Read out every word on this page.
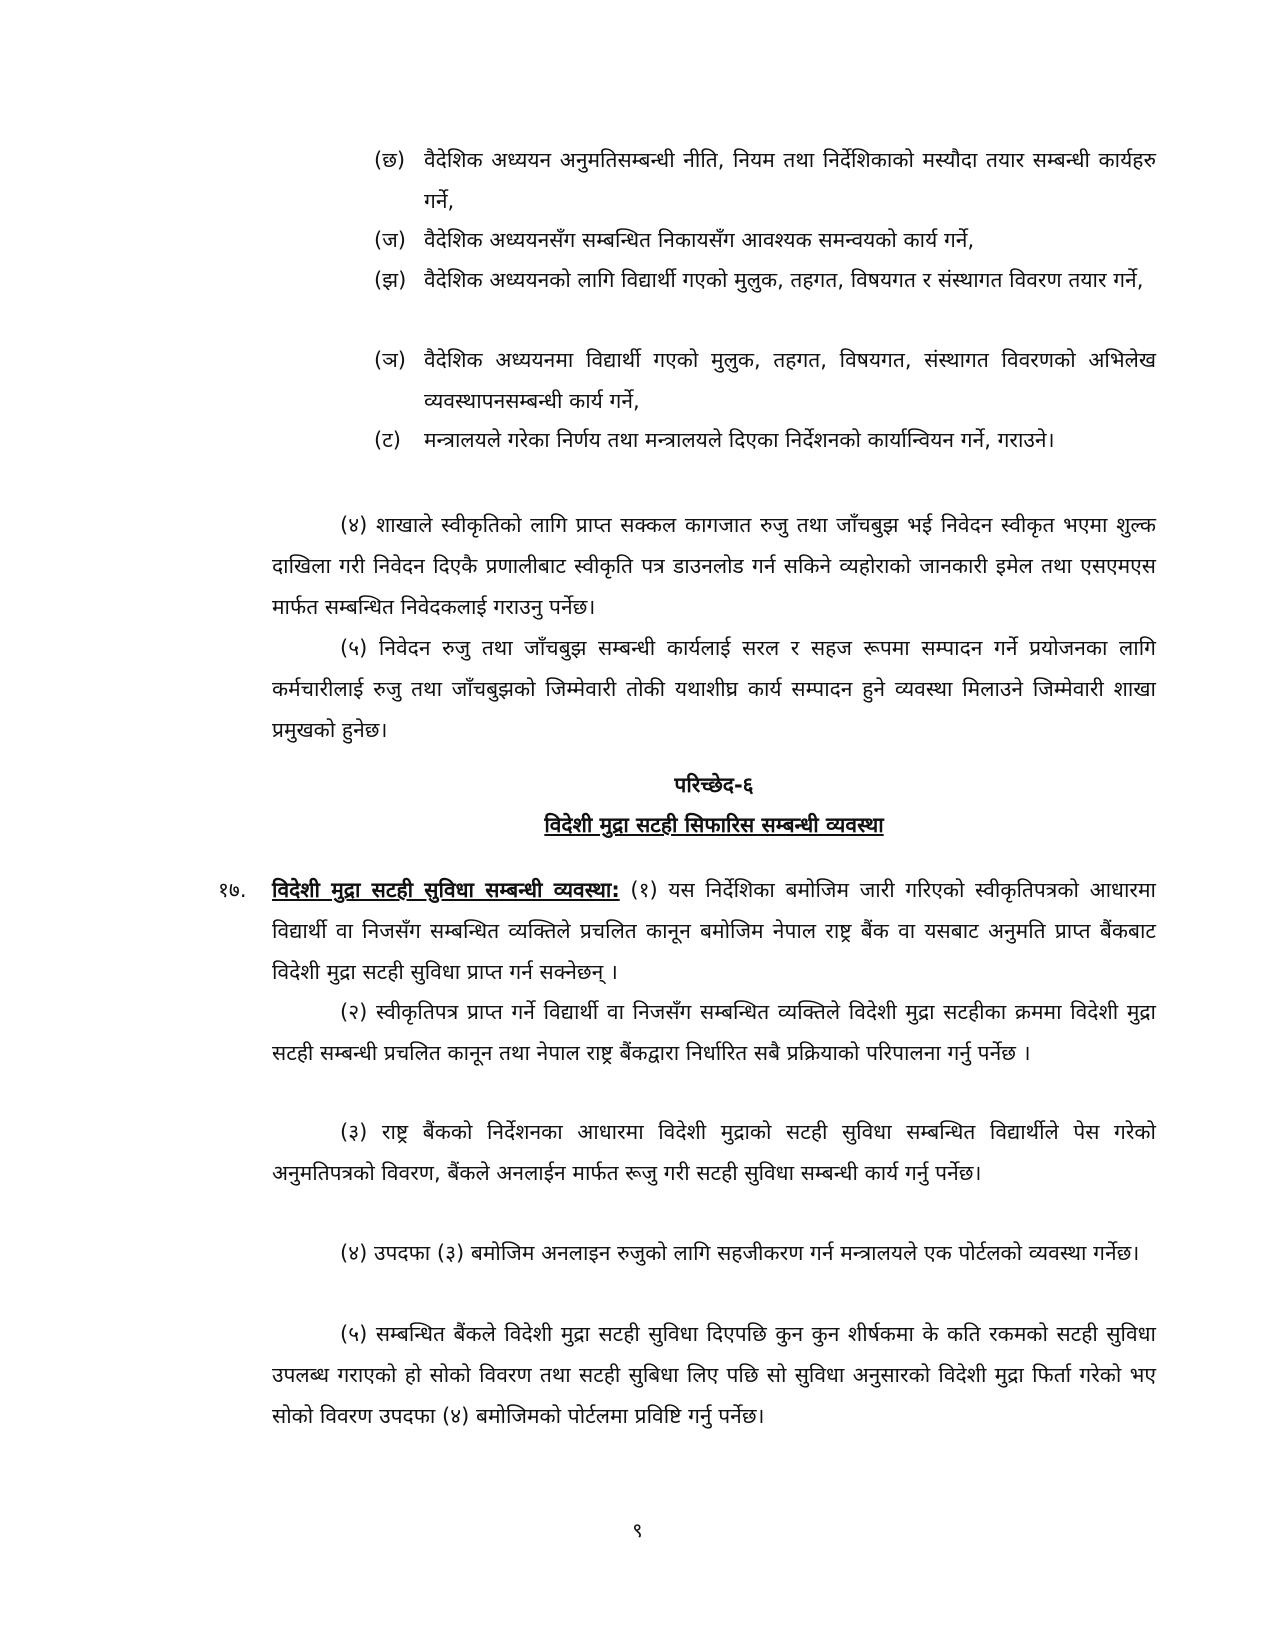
(छ) वैदेशिक अध्ययन अनुमतिसम्बन्धी नीति, नियम तथा निर्देशिकाको मस्यौदा तयार सम्बन्धी कार्यहरु गर्ने,
(ज) वैदेशिक अध्ययनसँग सम्बन्धित निकायसँग आवश्यक समन्वयको कार्य गर्ने,
(झ) वैदेशिक अध्ययनको लागि विद्यार्थी गएको मुलुक, तहगत, विषयगत र संस्थागत विवरण तयार गर्ने,
(ञ) वैदेशिक अध्ययनमा विद्यार्थी गएको मुलुक, तहगत, विषयगत, संस्थागत विवरणको अभिलेख व्यवस्थापनसम्बन्धी कार्य गर्ने,
(ट) मन्त्रालयले गरेका निर्णय तथा मन्त्रालयले दिएका निर्देशनको कार्यान्वियन गर्ने, गराउने।
(४) शाखाले स्वीकृतिको लागि प्राप्त सक्कल कागजात रुजु तथा जाँचबुझ भई निवेदन स्वीकृत भएमा शुल्क दाखिला गरी निवेदन दिएकै प्रणालीबाट स्वीकृति पत्र डाउनलोड गर्न सकिने व्यहोराको जानकारी इमेल तथा एसएमएस मार्फत सम्बन्धित निवेदकलाई गराउनु पर्नेछ।
(५) निवेदन रुजु तथा जाँचबुझ सम्बन्धी कार्यलाई सरल र सहज रूपमा सम्पादन गर्ने प्रयोजनका लागि कर्मचारीलाई रुजु तथा जाँचबुझको जिम्मेवारी तोकी यथाशीघ्र कार्य सम्पादन हुने व्यवस्था मिलाउने जिम्मेवारी शाखा प्रमुखको हुनेछ।
परिच्छेद-६
विदेशी मुद्रा सटही सिफारिस सम्बन्धी व्यवस्था
१७. विदेशी मुद्रा सटही सुविधा सम्बन्धी व्यवस्था: (१) यस निर्देशिका बमोजिम जारी गरिएको स्वीकृतिपत्रको आधारमा विद्यार्थी वा निजसँग सम्बन्धित व्यक्तिले प्रचलित कानून बमोजिम नेपाल राष्ट्र बैंक वा यसबाट अनुमति प्राप्त बैंकबाट विदेशी मुद्रा सटही सुविधा प्राप्त गर्न सक्नेछन् ।
(२) स्वीकृतिपत्र प्राप्त गर्ने विद्यार्थी वा निजसँग सम्बन्धित व्यक्तिले विदेशी मुद्रा सटहीका क्रममा विदेशी मुद्रा सटही सम्बन्धी प्रचलित कानून तथा नेपाल राष्ट्र बैंकद्वारा निर्धारित सबै प्रक्रियाको परिपालना गर्नु पर्नेछ ।
(३) राष्ट्र बैंकको निर्देशनका आधारमा विदेशी मुद्राको सटही सुविधा सम्बन्धित विद्यार्थीले पेस गरेको अनुमतिपत्रको विवरण, बैंकले अनलाईन मार्फत रूजु गरी सटही सुविधा सम्बन्धी कार्य गर्नु पर्नेछ।
(४) उपदफा (३) बमोजिम अनलाइन रुजुको लागि सहजीकरण गर्न मन्त्रालयले एक पोर्टलको व्यवस्था गर्नेछ।
(५) सम्बन्धित बैंकले विदेशी मुद्रा सटही सुविधा दिएपछि कुन कुन शीर्षकमा के कति रकमको सटही सुविधा उपलब्ध गराएको हो सोको विवरण तथा सटही सुबिधा लिए पछि सो सुविधा अनुसारको विदेशी मुद्रा फिर्ता गरेको भए सोको विवरण उपदफा (४) बमोजिमको पोर्टलमा प्रविष्टि गर्नु पर्नेछ।
९
